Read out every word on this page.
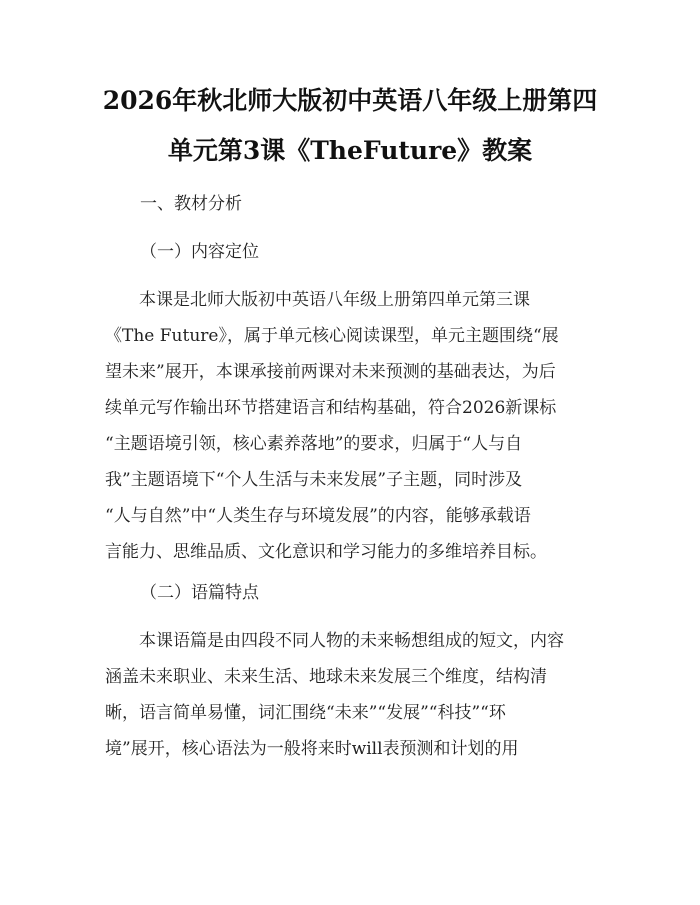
2026年秋北师大版初中英语八年级上册第四
单元第3课《TheFuture》教案
一、教材分析
（一）内容定位
　　本课是北师大版初中英语八年级上册第四单元第三课
《The Future》，属于单元核心阅读课型，单元主题围绕“展
望未来”展开，本课承接前两课对未来预测的基础表达，为后
续单元写作输出环节搭建语言和结构基础，符合2026新课标
“主题语境引领，核心素养落地”的要求，归属于“人与自
我”主题语境下“个人生活与未来发展”子主题，同时涉及
“人与自然”中“人类生存与环境发展”的内容，能够承载语
言能力、思维品质、文化意识和学习能力的多维培养目标。
（二）语篇特点
　　本课语篇是由四段不同人物的未来畅想组成的短文，内容
涵盖未来职业、未来生活、地球未来发展三个维度，结构清
晰，语言简单易懂，词汇围绕“未来”“发展”“科技”“环
境”展开，核心语法为一般将来时will表预测和计划的用
